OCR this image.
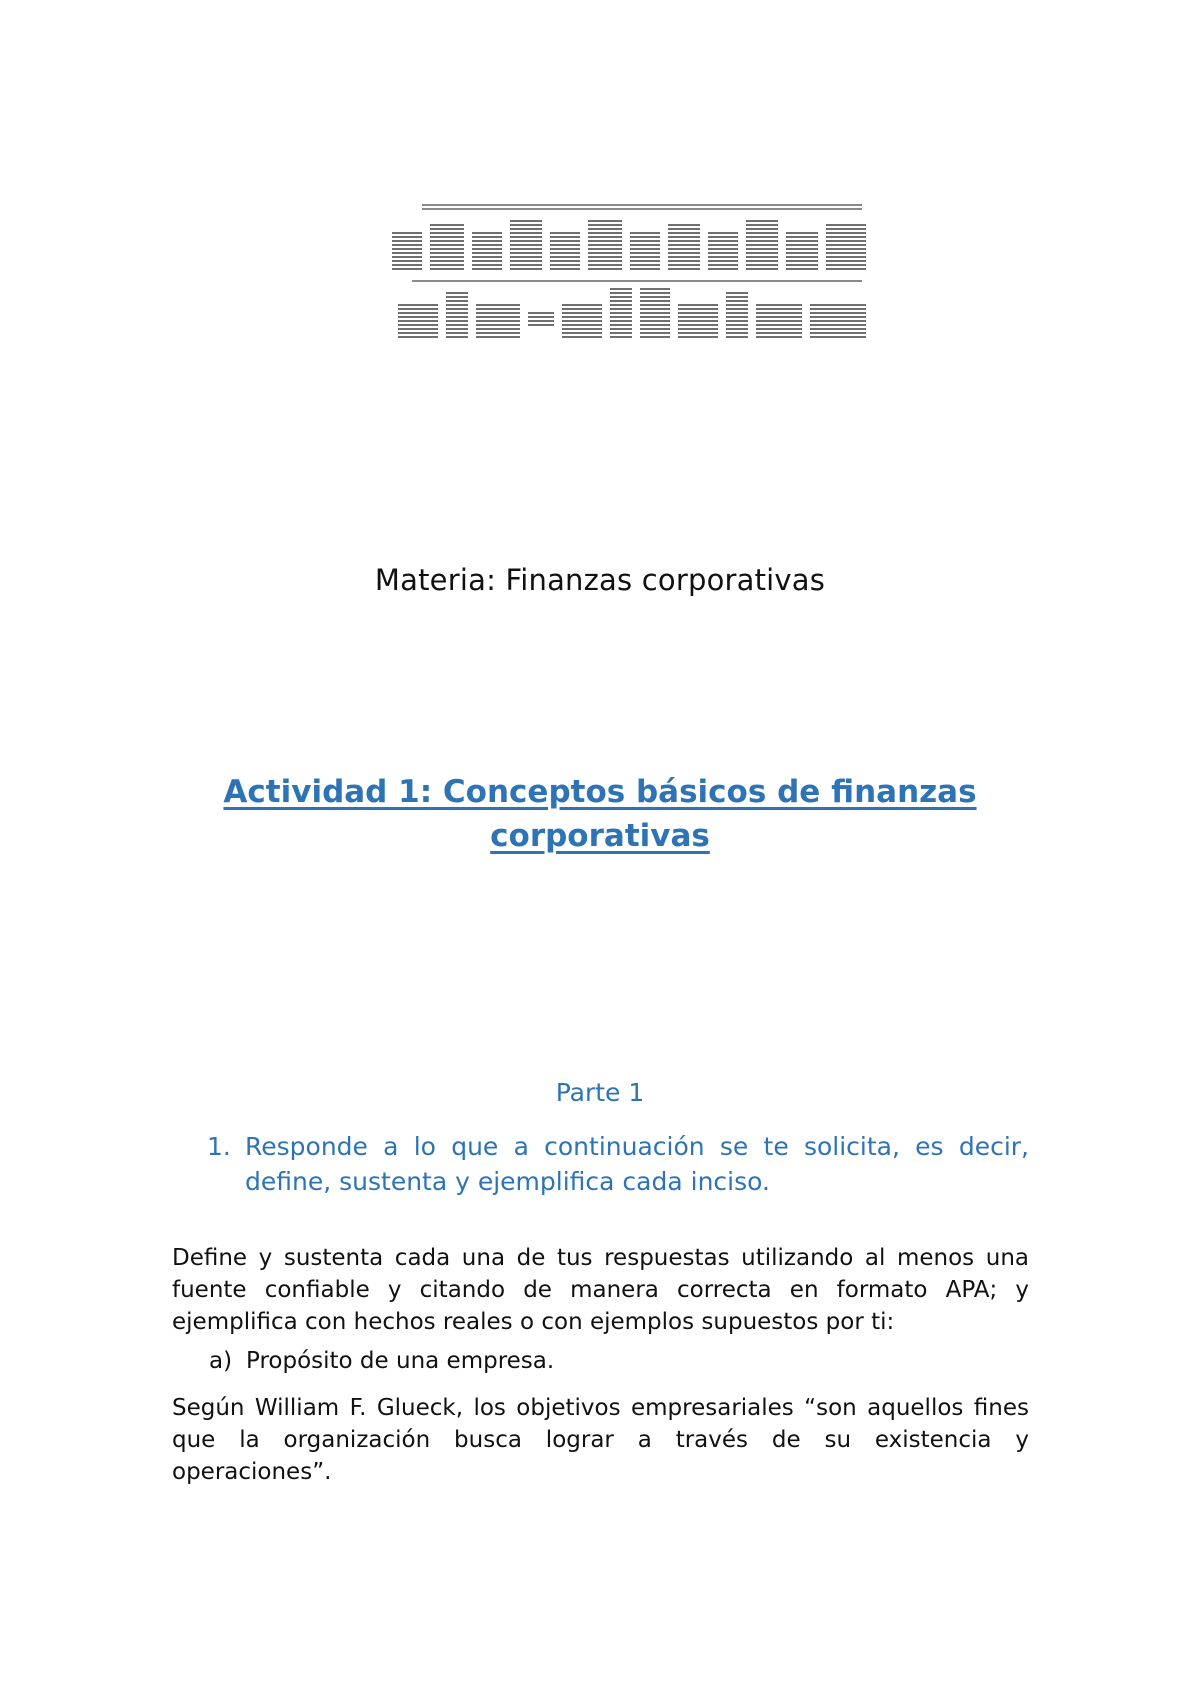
Materia: Finanzas corporativas
Actividad 1: Conceptos básicos de finanzas corporativas
Parte 1
1. Responde a lo que a continuación se te solicita, es decir, define, sustenta y ejemplifica cada inciso.
Define y sustenta cada una de tus respuestas utilizando al menos una fuente confiable y citando de manera correcta en formato APA; y ejemplifica con hechos reales o con ejemplos supuestos por ti:
a) Propósito de una empresa.
Según William F. Glueck, los objetivos empresariales “son aquellos fines que la organización busca lograr a través de su existencia y operaciones”.
